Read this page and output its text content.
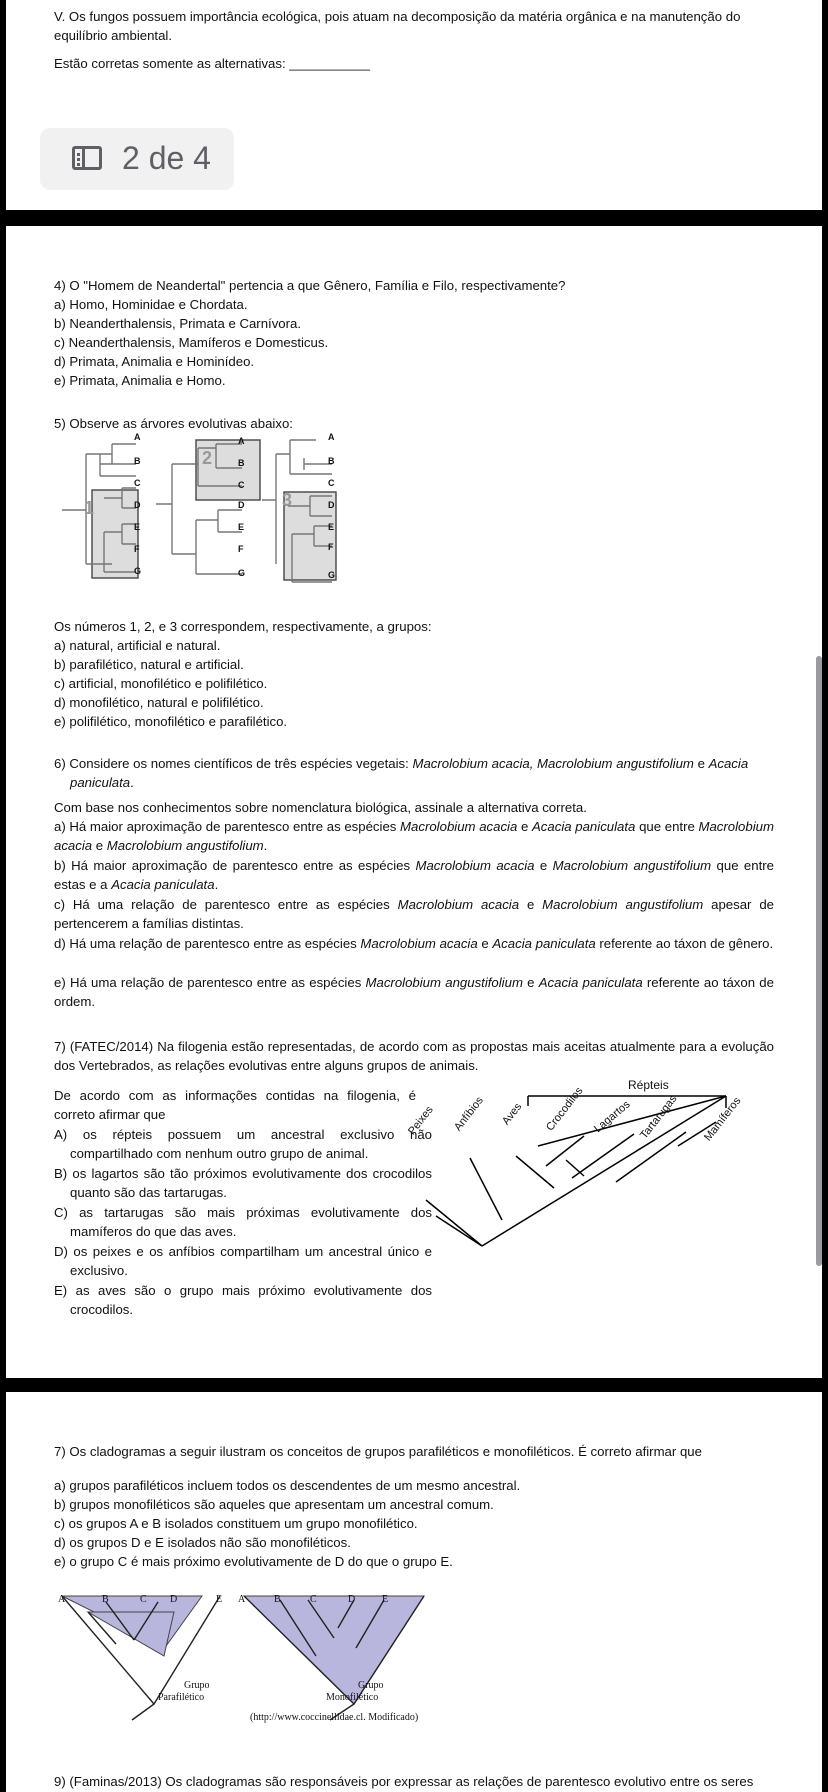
V. Os fungos possuem importância ecológica, pois atuam na decomposição da matéria orgânica e na manutenção do
equilíbrio ambiental.
Estão corretas somente as alternativas: ___________
2 de 4
4) O "Homem de Neandertal" pertencia a que Gênero, Família e Filo, respectivamente?
a) Homo, Hominidae e Chordata.
b) Neanderthalensis, Primata e Carnívora.
c) Neanderthalensis, Mamíferos e Domesticus.
d) Primata, Animalia e Hominídeo.
e) Primata, Animalia e Homo.
5) Observe as árvores evolutivas abaixo:
A
B
C
D
E
F
G
1
A
B
C
D
E
F
G
2
A
B
C
D
E
F
G
3
Os números 1, 2, e 3 correspondem, respectivamente, a grupos:
a) natural, artificial e natural.
b) parafilético, natural e artificial.
c) artificial, monofilético e polifilético.
d) monofilético, natural e polifilético.
e) polifilético, monofilético e parafilético.
6) Considere os nomes científicos de três espécies vegetais: Macrolobium acacia, Macrolobium angustifolium e Acacia
paniculata.
Com base nos conhecimentos sobre nomenclatura biológica, assinale a alternativa correta.
a) Há maior aproximação de parentesco entre as espécies Macrolobium acacia e Acacia paniculata que entre Macrolobium acacia e Macrolobium angustifolium.
b) Há maior aproximação de parentesco entre as espécies Macrolobium acacia e Macrolobium angustifolium que entre estas e a Acacia paniculata.
c) Há uma relação de parentesco entre as espécies Macrolobium acacia e Macrolobium angustifolium apesar de pertencerem a famílias distintas.
d) Há uma relação de parentesco entre as espécies Macrolobium acacia e Acacia paniculata referente ao táxon de gênero.
e) Há uma relação de parentesco entre as espécies Macrolobium angustifolium e Acacia paniculata referente ao táxon de ordem.
7) (FATEC/2014) Na filogenia estão representadas, de acordo com as propostas mais aceitas atualmente para a evolução dos Vertebrados, as relações evolutivas entre alguns grupos de animais.
De acordo com as informações contidas na filogenia, é correto afirmar que
A) os répteis possuem um ancestral exclusivo não compartilhado com nenhum outro grupo de animal.
B) os lagartos são tão próximos evolutivamente dos crocodilos quanto são das tartarugas.
C) as tartarugas são mais próximas evolutivamente dos mamíferos do que das aves.
D) os peixes e os anfíbios compartilham um ancestral único e exclusivo.
E) as aves são o grupo mais próximo evolutivamente dos crocodilos.
Répteis
Peixes Anfíbios Aves Crocodilos Lagartos Tartarugas Mamíferos
7) Os cladogramas a seguir ilustram os conceitos de grupos parafiléticos e monofiléticos. É correto afirmar que
a) grupos parafiléticos incluem todos os descendentes de um mesmo ancestral.
b) grupos monofiléticos são aqueles que apresentam um ancestral comum.
c) os grupos A e B isolados constituem um grupo monofilético.
d) os grupos D e E isolados não são monofiléticos.
e) o grupo C é mais próximo evolutivamente de D do que o grupo E.
A	B	C D	E
Grupo
Parafilético
A	B	C	D	E
Grupo
Monofilético
(http://www.coccinellidae.cl. Modificado)
9) (Faminas/2013) Os cladogramas são responsáveis por expressar as relações de parentesco evolutivo entre os seres
